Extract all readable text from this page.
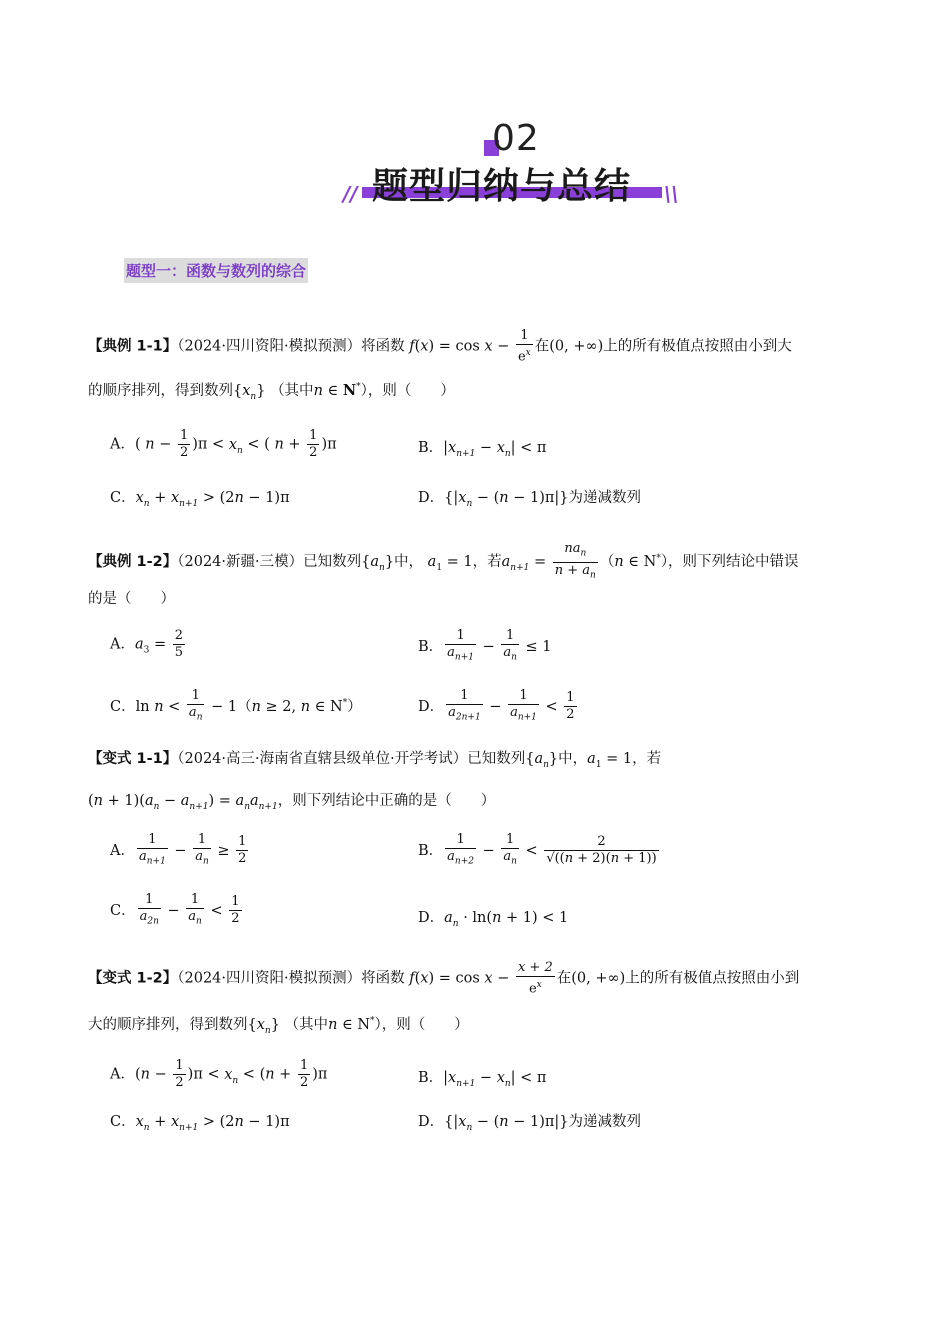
02
题型归纳与总结
//	\\
题型一：函数与数列的综合
【典例 1-1】（2024·四川资阳·模拟预测）将函数 $f(x) = \cos x - \frac{1}{e^x}$ 在(0, +∞)上的所有极值点按照由小到大
的顺序排列，得到数列$\{x_n\}$ （其中n ∈ N*），则（　　）
A．( $n - \frac{1}{2} )\pi < x_n$ < ( $n + \frac{1}{2} )\pi$	B．$|x_{n+1} - x_n| < \pi$
C．$x_n + x_{n+1} > (2n - 1)\pi$	D．$\{|x_n - (n - 1)\pi|\}$为递减数列
【典例 1-2】（2024·新疆·三模）已知数列$\{a_n\}$中， $a_1 = 1$，若$a_{n+1} = \frac{na_n}{n + a_n} (n$ ∈ N*），则下列结论中错误
的是（　　）
A．$a_3 = \frac{2}{5}$	B． $\frac{1}{a_{n+1}} - \frac{1}{a_n} \le 1$
C．$\ln n < \frac{1}{a_n} - 1(n \ge 2$, n ∈ N*）	D． $\frac{1}{a_{2n+1}} - \frac{1}{a_{n+1}} < \frac{1}{2}$
【变式 1-1】（2024·高三·海南省直辖县级单位·开学考试）已知数列$\{a_n\}$中，$a_1 = 1$，若
$(n + 1)(a_n - a_{n+1}) = a_na_{n+1}$，则下列结论中正确的是（　　）
A． $\frac{1}{a_{n+1}} - \frac{1}{a_n} \ge \frac{1}{2}$	B． $\frac{1}{a_{n+2}} - \frac{1}{a_n} < \frac{2}{√((n + 2)(n + 1))}$
C． $\frac{1}{a_{2n}} - \frac{1}{a_n} < \frac{1}{2}$	D．$a_n \cdot \ln(n + 1) < 1$
【变式 1-2】（2024·四川资阳·模拟预测）将函数 $f(x) = \cos x - \frac{x + 2}{e^x}$ 在(0, +∞)上的所有极值点按照由小到
大的顺序排列，得到数列$\{x_n\}$ （其中n ∈ N*），则（　　）
A．$(n - \frac{1}{2} )\pi < x_n < (n + \frac{1}{2} )\pi$	B．$|x_{n+1} - x_n| < \pi$
C．$x_n + x_{n+1} > (2n - 1)\pi$	D．$\{|x_n - (n - 1)\pi|\}$为递减数列
